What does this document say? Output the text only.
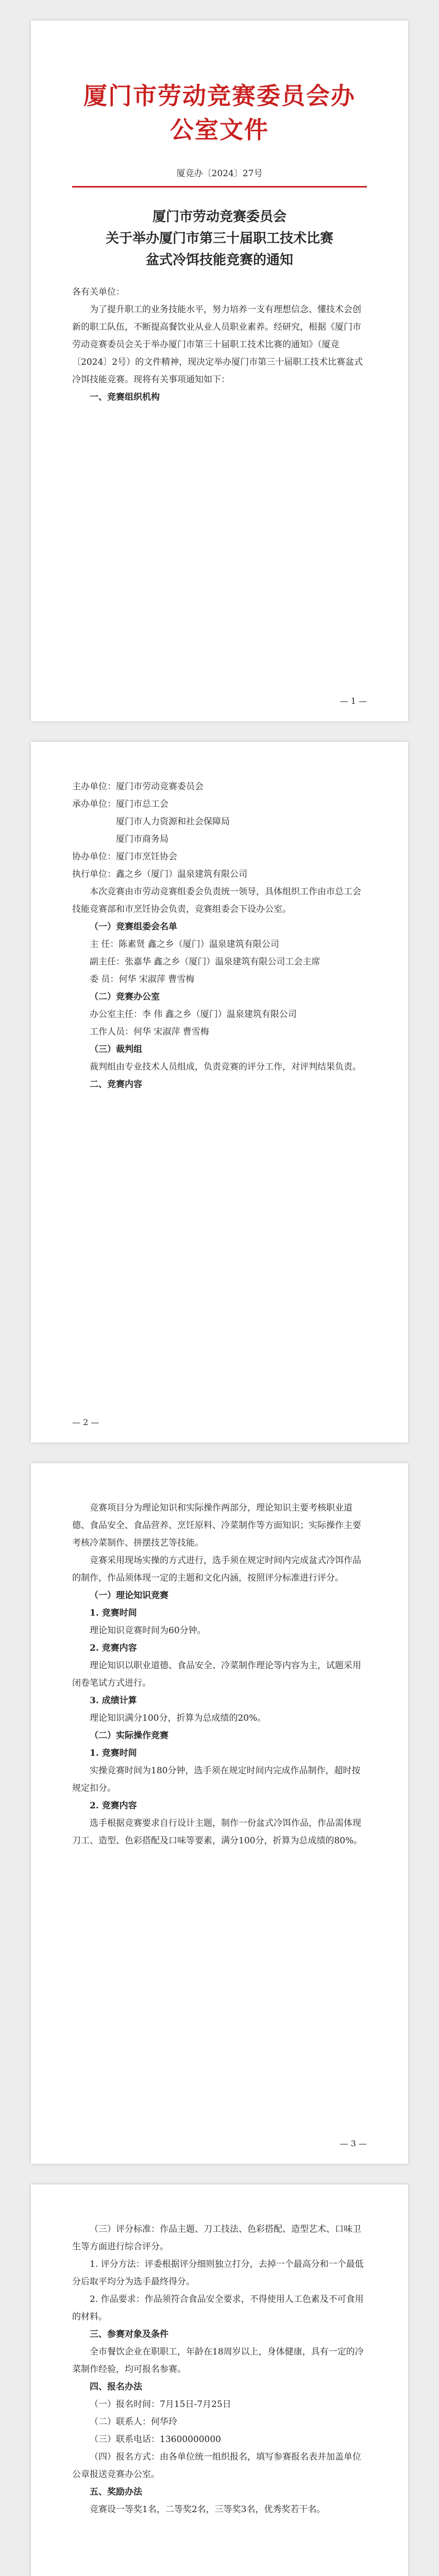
厦门市劳动竞赛委员会办公室文件
厦竞办〔2024〕27号
厦门市劳动竞赛委员会
关于举办厦门市第三十届职工技术比赛
盆式冷饵技能竞赛的通知

各有关单位：

为了提升职工的业务技能水平，努力培养一支有理想信念、懂技术会创新的职工队伍，不断提高餐饮业从业人员职业素养。经研究，根据《厦门市劳动竞赛委员会关于举办厦门市第三十届职工技术比赛的通知》（厦竞〔2024〕2号）的文件精神，现决定举办厦门市第三十届职工技术比赛盆式冷饵技能竞赛。现将有关事项通知如下：

一、竞赛组织机构

— 1 —

主办单位：厦门市劳动竞赛委员会

承办单位：厦门市总工会

厦门市人力资源和社会保障局

厦门市商务局

协办单位：厦门市烹饪协会

执行单位：鑫之乡（厦门）温泉建筑有限公司

本次竞赛由市劳动竞赛组委会负责统一领导，具体组织工作由市总工会技能竞赛部和市烹饪协会负责，竞赛组委会下设办公室。

（一）竞赛组委会名单

主 任：陈素贤 鑫之乡（厦门）温泉建筑有限公司

副主任：张嘉华 鑫之乡（厦门）温泉建筑有限公司工会主席

委 员：何华 宋淑萍 曹雪梅

（二）竞赛办公室

办公室主任：李 伟 鑫之乡（厦门）温泉建筑有限公司

工作人员：何华 宋淑萍 曹雪梅

（三）裁判组

裁判组由专业技术人员组成，负责竞赛的评分工作，对评判结果负责。

二、竞赛内容

— 2 —

竞赛项目分为理论知识和实际操作两部分，理论知识主要考核职业道德、食品安全、食品营养、烹饪原料、冷菜制作等方面知识；实际操作主要考核冷菜制作、拼摆技艺等技能。

竞赛采用现场实操的方式进行，选手须在规定时间内完成盆式冷饵作品的制作，作品须体现一定的主题和文化内涵，按照评分标准进行评分。

（一）理论知识竞赛

1. 竞赛时间

理论知识竞赛时间为60分钟。

2. 竞赛内容

理论知识以职业道德、食品安全、冷菜制作理论等内容为主，试题采用闭卷笔试方式进行。

3. 成绩计算

理论知识满分100分，折算为总成绩的20%。

（二）实际操作竞赛

1. 竞赛时间

实操竞赛时间为180分钟，选手须在规定时间内完成作品制作，超时按规定扣分。

2. 竞赛内容

选手根据竞赛要求自行设计主题，制作一份盆式冷饵作品，作品需体现刀工、造型、色彩搭配及口味等要素，满分100分，折算为总成绩的80%。

— 3 —

（三）评分标准：作品主题、刀工技法、色彩搭配、造型艺术、口味卫生等方面进行综合评分。

1. 评分方法：评委根据评分细则独立打分，去掉一个最高分和一个最低分后取平均分为选手最终得分。

2. 作品要求：作品须符合食品安全要求，不得使用人工色素及不可食用的材料。

三、参赛对象及条件

全市餐饮企业在职职工，年龄在18周岁以上，身体健康，具有一定的冷菜制作经验，均可报名参赛。

四、报名办法

（一）报名时间：7月15日-7月25日

（二）联系人：何华玲

（三）联系电话：13600000000

（四）报名方式：由各单位统一组织报名，填写参赛报名表并加盖单位公章报送竞赛办公室。

五、奖励办法

竞赛设一等奖1名，二等奖2名，三等奖3名，优秀奖若干名。
